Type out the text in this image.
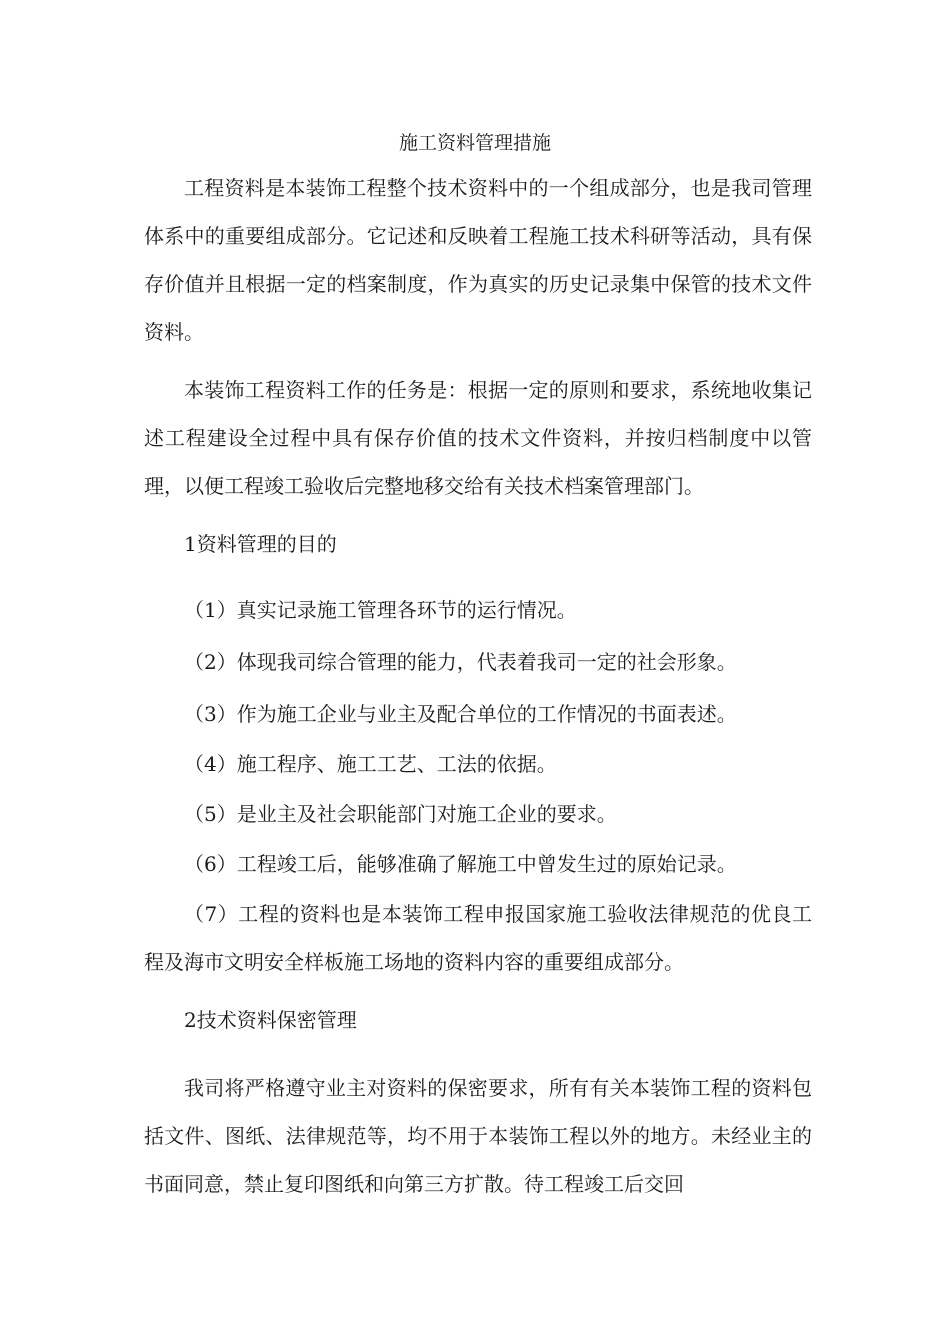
施工资料管理措施

工程资料是本装饰工程整个技术资料中的一个组成部分，也是我司管理体系中的重要组成部分。它记述和反映着工程施工技术科研等活动，具有保存价值并且根据一定的档案制度，作为真实的历史记录集中保管的技术文件资料。

本装饰工程资料工作的任务是：根据一定的原则和要求，系统地收集记述工程建设全过程中具有保存价值的技术文件资料，并按归档制度中以管理，以便工程竣工验收后完整地移交给有关技术档案管理部门。

1资料管理的目的

（1）真实记录施工管理各环节的运行情况。

（2）体现我司综合管理的能力，代表着我司一定的社会形象。

（3）作为施工企业与业主及配合单位的工作情况的书面表述。

（4）施工程序、施工工艺、工法的依据。

（5）是业主及社会职能部门对施工企业的要求。

（6）工程竣工后，能够准确了解施工中曾发生过的原始记录。

（7）工程的资料也是本装饰工程申报国家施工验收法律规范的优良工程及海市文明安全样板施工场地的资料内容的重要组成部分。

2技术资料保密管理

我司将严格遵守业主对资料的保密要求，所有有关本装饰工程的资料包括文件、图纸、法律规范等，均不用于本装饰工程以外的地方。未经业主的书面同意，禁止复印图纸和向第三方扩散。待工程竣工后交回
